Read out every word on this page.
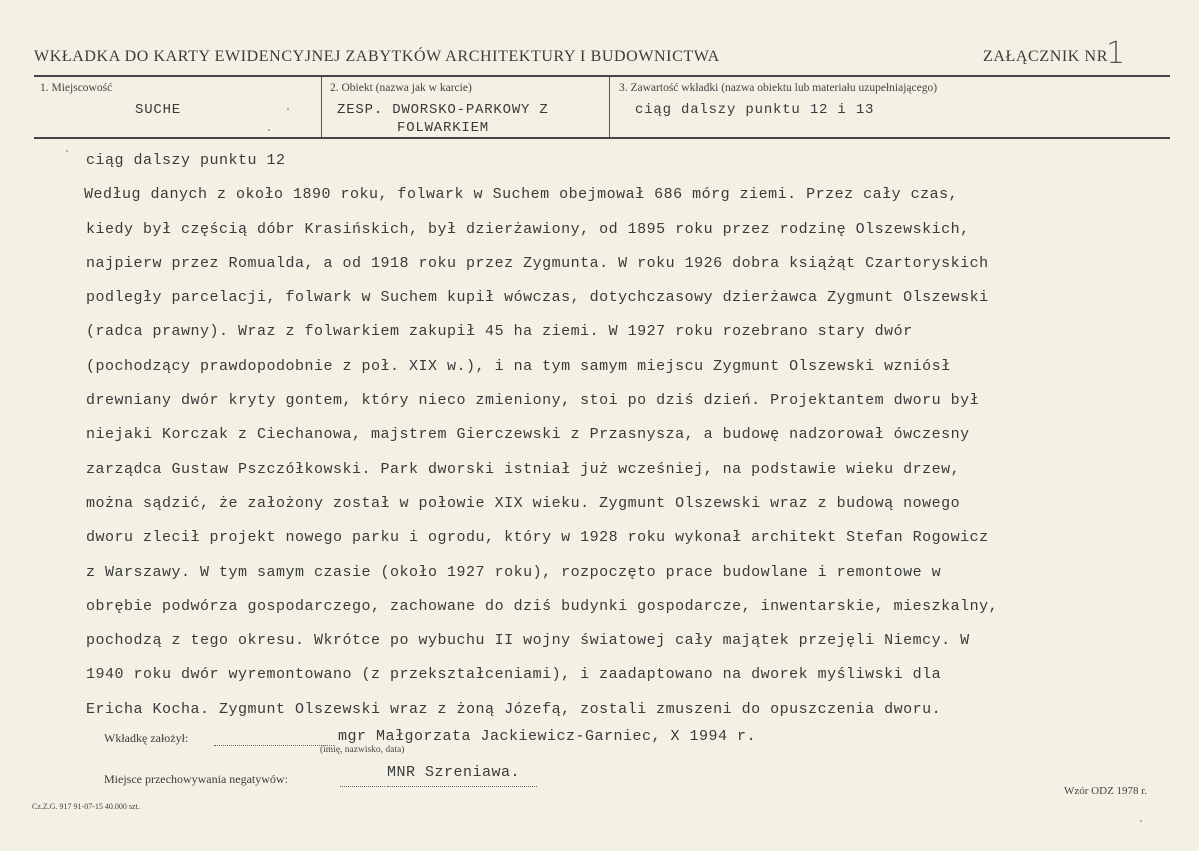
WKŁADKA DO KARTY EWIDENCYJNEJ ZABYTKÓW ARCHITEKTURY I BUDOWNICTWA	ZAŁĄCZNIK NR
1
1. Miejscowość
SUCHE
2. Obiekt (nazwa jak w karcie)
ZESP. DWORSKO-PARKOWY Z
FOLWARKIEM
3. Zawartość wkładki (nazwa obiektu lub materiału uzupełniającego)
ciąg dalszy punktu 12 i 13
ciąg dalszy punktu 12
Według danych z około 1890 roku, folwark w Suchem obejmował 686 mórg ziemi. Przez cały czas,
kiedy był częścią dóbr Krasińskich, był dzierżawiony, od 1895 roku przez rodzinę Olszewskich,
najpierw przez Romualda, a od 1918 roku przez Zygmunta. W roku 1926 dobra książąt Czartoryskich
podległy parcelacji, folwark w Suchem kupił wówczas, dotychczasowy dzierżawca Zygmunt Olszewski
(radca prawny). Wraz z folwarkiem zakupił 45 ha ziemi. W 1927 roku rozebrano stary dwór
(pochodzący prawdopodobnie z poł. XIX w.), i na tym samym miejscu Zygmunt Olszewski wzniósł
drewniany dwór kryty gontem, który nieco zmieniony, stoi po dziś dzień. Projektantem dworu był
niejaki Korczak z Ciechanowa, majstrem Gierczewski z Przasnysza, a budowę nadzorował ówczesny
zarządca Gustaw Pszczółkowski. Park dworski istniał już wcześniej, na podstawie wieku drzew,
można sądzić, że założony został w połowie XIX wieku. Zygmunt Olszewski wraz z budową nowego
dworu zlecił projekt nowego parku i ogrodu, który w 1928 roku wykonał architekt Stefan Rogowicz
z Warszawy. W tym samym czasie (około 1927 roku), rozpoczęto prace budowlane i remontowe w
obrębie podwórza gospodarczego, zachowane do dziś budynki gospodarcze, inwentarskie, mieszkalny,
pochodzą z tego okresu. Wkrótce po wybuchu II wojny światowej cały majątek przejęli Niemcy. W
1940 roku dwór wyremontowano (z przekształceniami), i zaadaptowano na dworek myśliwski dla
Ericha Kocha. Zygmunt Olszewski wraz z żoną Józefą, zostali zmuszeni do opuszczenia dworu.
Wkładkę założył:	mgr Małgorzata Jackiewicz-Garniec, X 1994 r.
(imię, nazwisko, data)
Miejsce przechowywania negatywów:	MNR Szreniawa.
Cz.Z.G. 917 91-07-15 40.000 szt.
Wzór ODZ 1978 r.
